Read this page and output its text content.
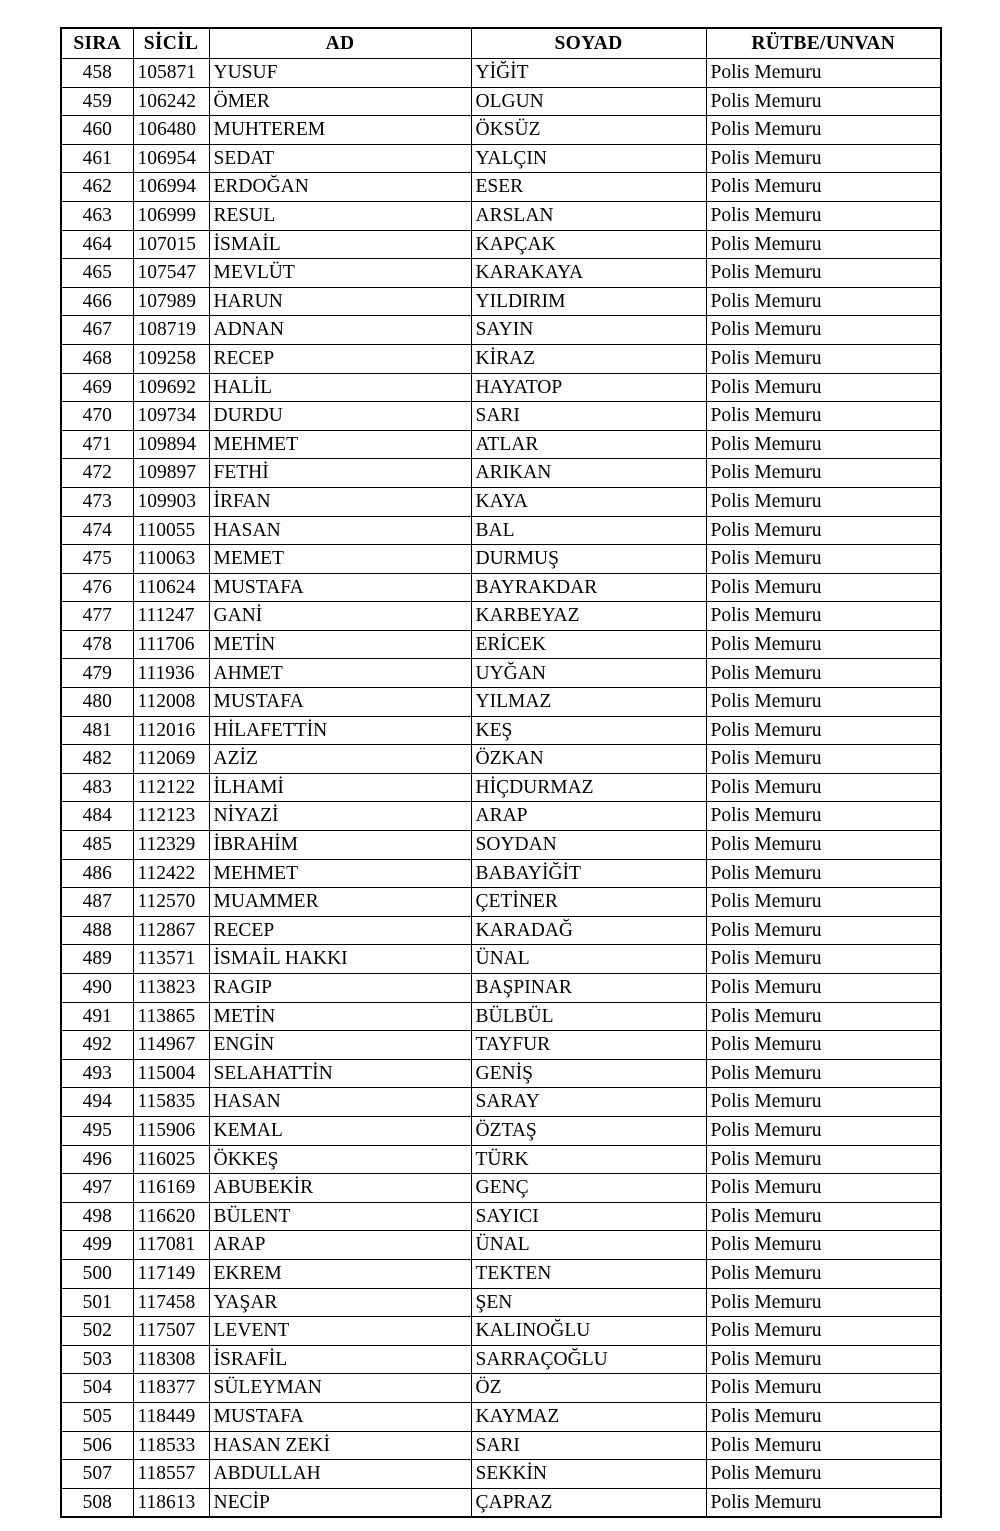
SIRA	SİCİL	AD	SOYAD	RÜTBE/UNVAN
458	105871	YUSUF	YİĞİT	Polis Memuru
459	106242	ÖMER	OLGUN	Polis Memuru
460	106480	MUHTEREM	ÖKSÜZ	Polis Memuru
461	106954	SEDAT	YALÇIN	Polis Memuru
462	106994	ERDOĞAN	ESER	Polis Memuru
463	106999	RESUL	ARSLAN	Polis Memuru
464	107015	İSMAİL	KAPÇAK	Polis Memuru
465	107547	MEVLÜT	KARAKAYA	Polis Memuru
466	107989	HARUN	YILDIRIM	Polis Memuru
467	108719	ADNAN	SAYIN	Polis Memuru
468	109258	RECEP	KİRAZ	Polis Memuru
469	109692	HALİL	HAYATOP	Polis Memuru
470	109734	DURDU	SARI	Polis Memuru
471	109894	MEHMET	ATLAR	Polis Memuru
472	109897	FETHİ	ARIKAN	Polis Memuru
473	109903	İRFAN	KAYA	Polis Memuru
474	110055	HASAN	BAL	Polis Memuru
475	110063	MEMET	DURMUŞ	Polis Memuru
476	110624	MUSTAFA	BAYRAKDAR	Polis Memuru
477	111247	GANİ	KARBEYAZ	Polis Memuru
478	111706	METİN	ERİCEK	Polis Memuru
479	111936	AHMET	UYĞAN	Polis Memuru
480	112008	MUSTAFA	YILMAZ	Polis Memuru
481	112016	HİLAFETTİN	KEŞ	Polis Memuru
482	112069	AZİZ	ÖZKAN	Polis Memuru
483	112122	İLHAMİ	HİÇDURMAZ	Polis Memuru
484	112123	NİYAZİ	ARAP	Polis Memuru
485	112329	İBRAHİM	SOYDAN	Polis Memuru
486	112422	MEHMET	BABAYİĞİT	Polis Memuru
487	112570	MUAMMER	ÇETİNER	Polis Memuru
488	112867	RECEP	KARADAĞ	Polis Memuru
489	113571	İSMAİL HAKKI	ÜNAL	Polis Memuru
490	113823	RAGIP	BAŞPINAR	Polis Memuru
491	113865	METİN	BÜLBÜL	Polis Memuru
492	114967	ENGİN	TAYFUR	Polis Memuru
493	115004	SELAHATTİN	GENİŞ	Polis Memuru
494	115835	HASAN	SARAY	Polis Memuru
495	115906	KEMAL	ÖZTAŞ	Polis Memuru
496	116025	ÖKKEŞ	TÜRK	Polis Memuru
497	116169	ABUBEKİR	GENÇ	Polis Memuru
498	116620	BÜLENT	SAYICI	Polis Memuru
499	117081	ARAP	ÜNAL	Polis Memuru
500	117149	EKREM	TEKTEN	Polis Memuru
501	117458	YAŞAR	ŞEN	Polis Memuru
502	117507	LEVENT	KALINOĞLU	Polis Memuru
503	118308	İSRAFİL	SARRAÇOĞLU	Polis Memuru
504	118377	SÜLEYMAN	ÖZ	Polis Memuru
505	118449	MUSTAFA	KAYMAZ	Polis Memuru
506	118533	HASAN ZEKİ	SARI	Polis Memuru
507	118557	ABDULLAH	SEKKİN	Polis Memuru
508	118613	NECİP	ÇAPRAZ	Polis Memuru
